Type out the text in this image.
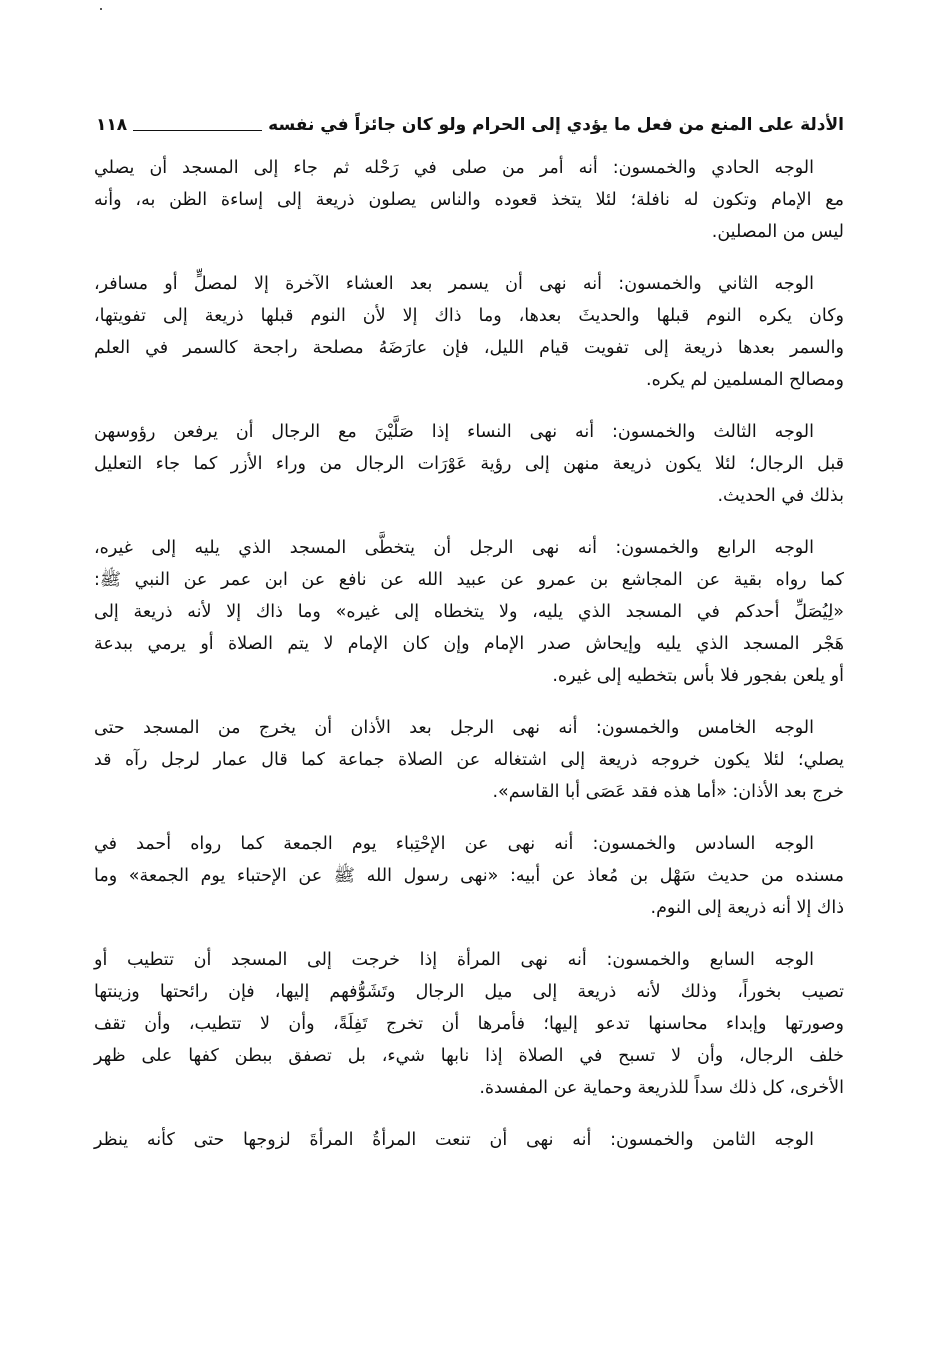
الأدلة على المنع من فعل ما يؤدي إلى الحرام ولو كان جائزاً في نفسه
١١٨
الوجه الحادي والخمسون: أنه أمر من صلى في رَحْله ثم جاء إلى المسجد أن يصلي
مع الإمام وتكون له نافلة؛ لئلا يتخذ قعوده والناس يصلون ذريعة إلى إساءة الظن به، وأنه
ليس من المصلين.
الوجه الثاني والخمسون: أنه نهى أن يسمر بعد العشاء الآخرة إلا لمصلٍّ أو مسافر،
وكان يكره النوم قبلها والحديثَ بعدها، وما ذاك إلا لأن النوم قبلها ذريعة إلى تفويتها،
والسمر بعدها ذريعة إلى تفويت قيام الليل، فإن عارَضَهُ مصلحة راجحة كالسمر في العلم
ومصالح المسلمين لم يكره.
الوجه الثالث والخمسون: أنه نهى النساء إذا صَلَّيْنَ مع الرجال أن يرفعن رؤوسهن
قبل الرجال؛ لئلا يكون ذريعة منهن إلى رؤية عَوْرَات الرجال من وراء الأزر كما جاء التعليل
بذلك في الحديث.
الوجه الرابع والخمسون: أنه نهى الرجل أن يتخطَّى المسجد الذي يليه إلى غيره،
كما رواه بقية عن المجاشع بن عمرو عن عبيد الله عن نافع عن ابن عمر عن النبي ﷺ:
«لِيُصَلِّ أحدكم في المسجد الذي يليه، ولا يتخطاه إلى غيره» وما ذاك إلا لأنه ذريعة إلى
هَجْر المسجد الذي يليه وإيحاش صدر الإمام وإن كان الإمام لا يتم الصلاة أو يرمي ببدعة
أو يلعن بفجور فلا بأس بتخطيه إلى غيره.
الوجه الخامس والخمسون: أنه نهى الرجل بعد الأذان أن يخرج من المسجد حتى
يصلي؛ لئلا يكون خروجه ذريعة إلى اشتغاله عن الصلاة جماعة كما قال عمار لرجل رآه قد
خرج بعد الأذان: «أما هذه فقد عَصَى أبا القاسم».
الوجه السادس والخمسون: أنه نهى عن الإحْتِباء يوم الجمعة كما رواه أحمد في
مسنده من حديث سَهْل بن مُعاذ عن أبيه: «نهى رسول الله ﷺ عن الإحتباء يوم الجمعة» وما
ذاك إلا أنه ذريعة إلى النوم.
الوجه السابع والخمسون: أنه نهى المرأة إذا خرجت إلى المسجد أن تتطيب أو
تصيب بخوراً، وذلك لأنه ذريعة إلى ميل الرجال وتَشَوُّفهم إليها، فإن رائحتها وزينتها
وصورتها وإبداء محاسنها تدعو إليها؛ فأمرها أن تخرج تَفِلَةً، وأن لا تتطيب، وأن تقف
خلف الرجال، وأن لا تسبح في الصلاة إذا نابها شيء، بل تصفق ببطن كفها على ظهر
الأخرى، كل ذلك سداً للذريعة وحماية عن المفسدة.
الوجه الثامن والخمسون: أنه نهى أن تنعت المرأةُ المرأةَ لزوجها حتى كأنه ينظر
